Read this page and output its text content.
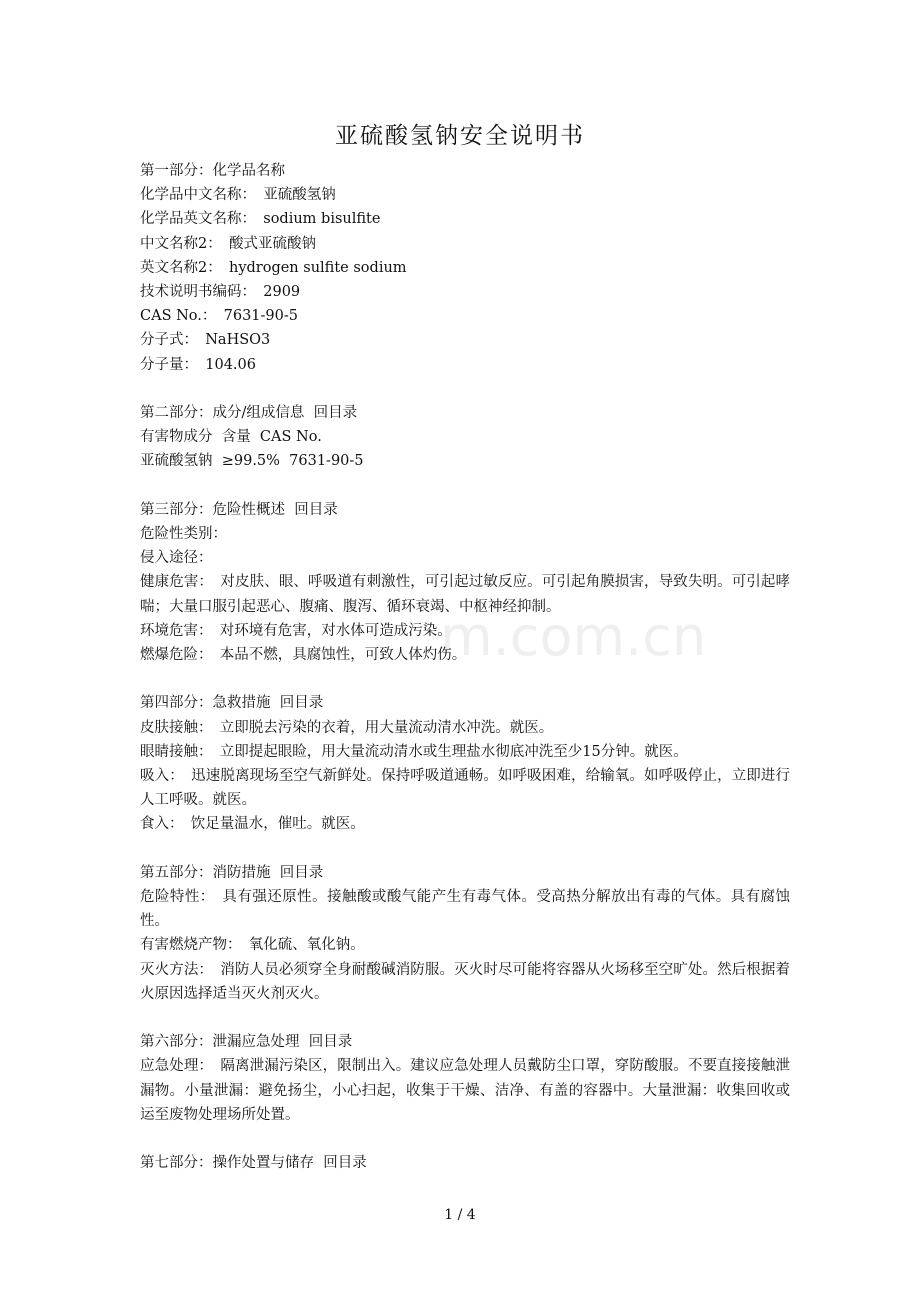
m.com.cn
亚硫酸氢钠安全说明书
第一部分：化学品名称
化学品中文名称：　亚硫酸氢钠
化学品英文名称：　sodium bisulfite
中文名称2：　酸式亚硫酸钠
英文名称2：　hydrogen sulfite sodium
技术说明书编码：　2909
CAS No.：　7631-90-5
分子式：　NaHSO3
分子量：　104.06
第二部分：成分/组成信息  回目录
有害物成分  含量  CAS No.
亚硫酸氢钠  ≥99.5%  7631-90-5
第三部分：危险性概述  回目录
危险性类别：
侵入途径：
健康危害：　对皮肤、眼、呼吸道有刺激性，可引起过敏反应。可引起角膜损害，导致失明。可引起哮喘；大量口服引起恶心、腹痛、腹泻、循环衰竭、中枢神经抑制。
环境危害：　对环境有危害，对水体可造成污染。
燃爆危险：　本品不燃，具腐蚀性，可致人体灼伤。
第四部分：急救措施  回目录
皮肤接触：　立即脱去污染的衣着，用大量流动清水冲洗。就医。
眼睛接触：　立即提起眼睑，用大量流动清水或生理盐水彻底冲洗至少15分钟。就医。
吸入：　迅速脱离现场至空气新鲜处。保持呼吸道通畅。如呼吸困难，给输氧。如呼吸停止，立即进行人工呼吸。就医。
食入：　饮足量温水，催吐。就医。
第五部分：消防措施  回目录
危险特性：　具有强还原性。接触酸或酸气能产生有毒气体。受高热分解放出有毒的气体。具有腐蚀性。
有害燃烧产物：　氧化硫、氧化钠。
灭火方法：　消防人员必须穿全身耐酸碱消防服。灭火时尽可能将容器从火场移至空旷处。然后根据着火原因选择适当灭火剂灭火。
第六部分：泄漏应急处理  回目录
应急处理：　隔离泄漏污染区，限制出入。建议应急处理人员戴防尘口罩，穿防酸服。不要直接接触泄漏物。小量泄漏：避免扬尘，小心扫起，收集于干燥、洁净、有盖的容器中。大量泄漏：收集回收或运至废物处理场所处置。
第七部分：操作处置与储存  回目录
1 / 4
